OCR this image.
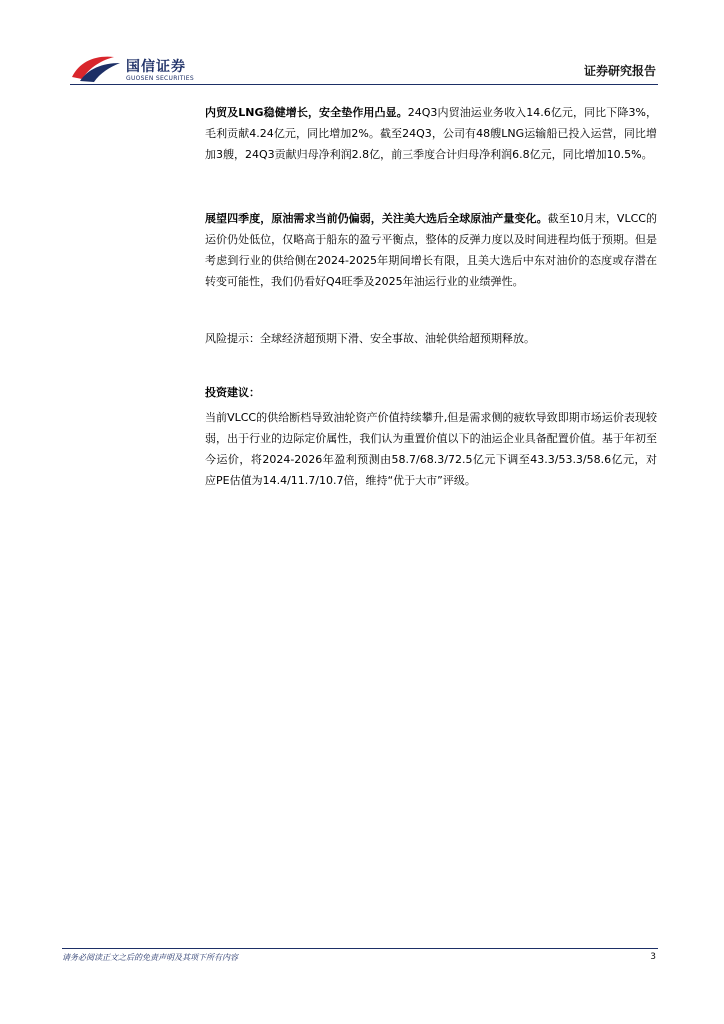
国信证券
GUOSEN SECURITIES
证券研究报告

内贸及LNG稳健增长，安全垫作用凸显。24Q3内贸油运业务收入14.6亿元，同比下降3%，毛利贡献4.24亿元，同比增加2%。截至24Q3，公司有48艘LNG运输船已投入运营，同比增加3艘，24Q3贡献归母净利润2.8亿，前三季度合计归母净利润6.8亿元，同比增加10.5%。

展望四季度，原油需求当前仍偏弱，关注美大选后全球原油产量变化。截至10月末，VLCC的运价仍处低位，仅略高于船东的盈亏平衡点，整体的反弹力度以及时间进程均低于预期。但是考虑到行业的供给侧在2024-2025年期间增长有限，且美大选后中东对油价的态度或存潜在转变可能性，我们仍看好Q4旺季及2025年油运行业的业绩弹性。

风险提示：全球经济超预期下滑、安全事故、油轮供给超预期释放。

投资建议：

当前VLCC的供给断档导致油轮资产价值持续攀升,但是需求侧的疲软导致即期市场运价表现较弱，出于行业的边际定价属性，我们认为重置价值以下的油运企业具备配置价值。基于年初至今运价，将2024-2026年盈利预测由58.7/68.3/72.5亿元下调至43.3/53.3/58.6亿元，对应PE估值为14.4/11.7/10.7倍，维持“优于大市”评级。

请务必阅读正文之后的免责声明及其项下所有内容	3
